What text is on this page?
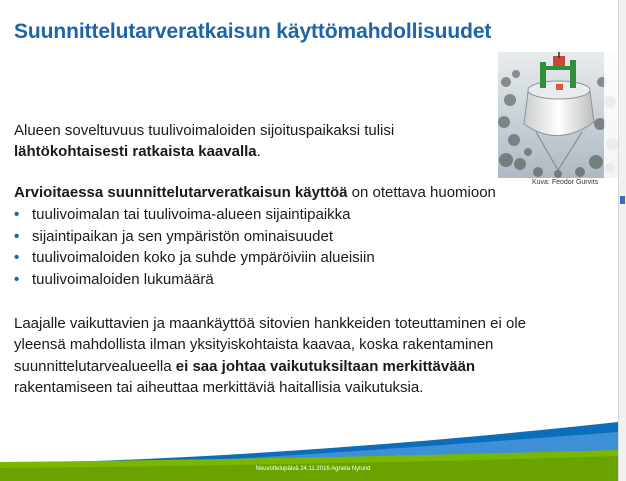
Suunnittelutarveratkaisun käyttömahdollisuudet
Kuva: Feodor Gurvits
Alueen soveltuvuus tuulivoimaloiden sijoituspaikaksi tulisi
lähtökohtaisesti ratkaista kaavalla.
Arvioitaessa suunnittelutarveratkaisun käyttöä on otettava huomioon
• tuulivoimalan tai tuulivoima-alueen sijaintipaikka
• sijaintipaikan ja sen ympäristön ominaisuudet
• tuulivoimaloiden koko ja suhde ympäröiviin alueisiin
• tuulivoimaloiden lukumäärä
Laajalle vaikuttavien ja maankäyttöä sitovien hankkeiden toteuttaminen ei ole
yleensä mahdollista ilman yksityiskohtaista kaavaa, koska rakentaminen
suunnittelutarvealueella ei saa johtaa vaikutuksiltaan merkittävään
rakentamiseen tai aiheuttaa merkittäviä haitallisia vaikutuksia.
Neuvottelupäivä 24.11.2016 Agneta Nylund
